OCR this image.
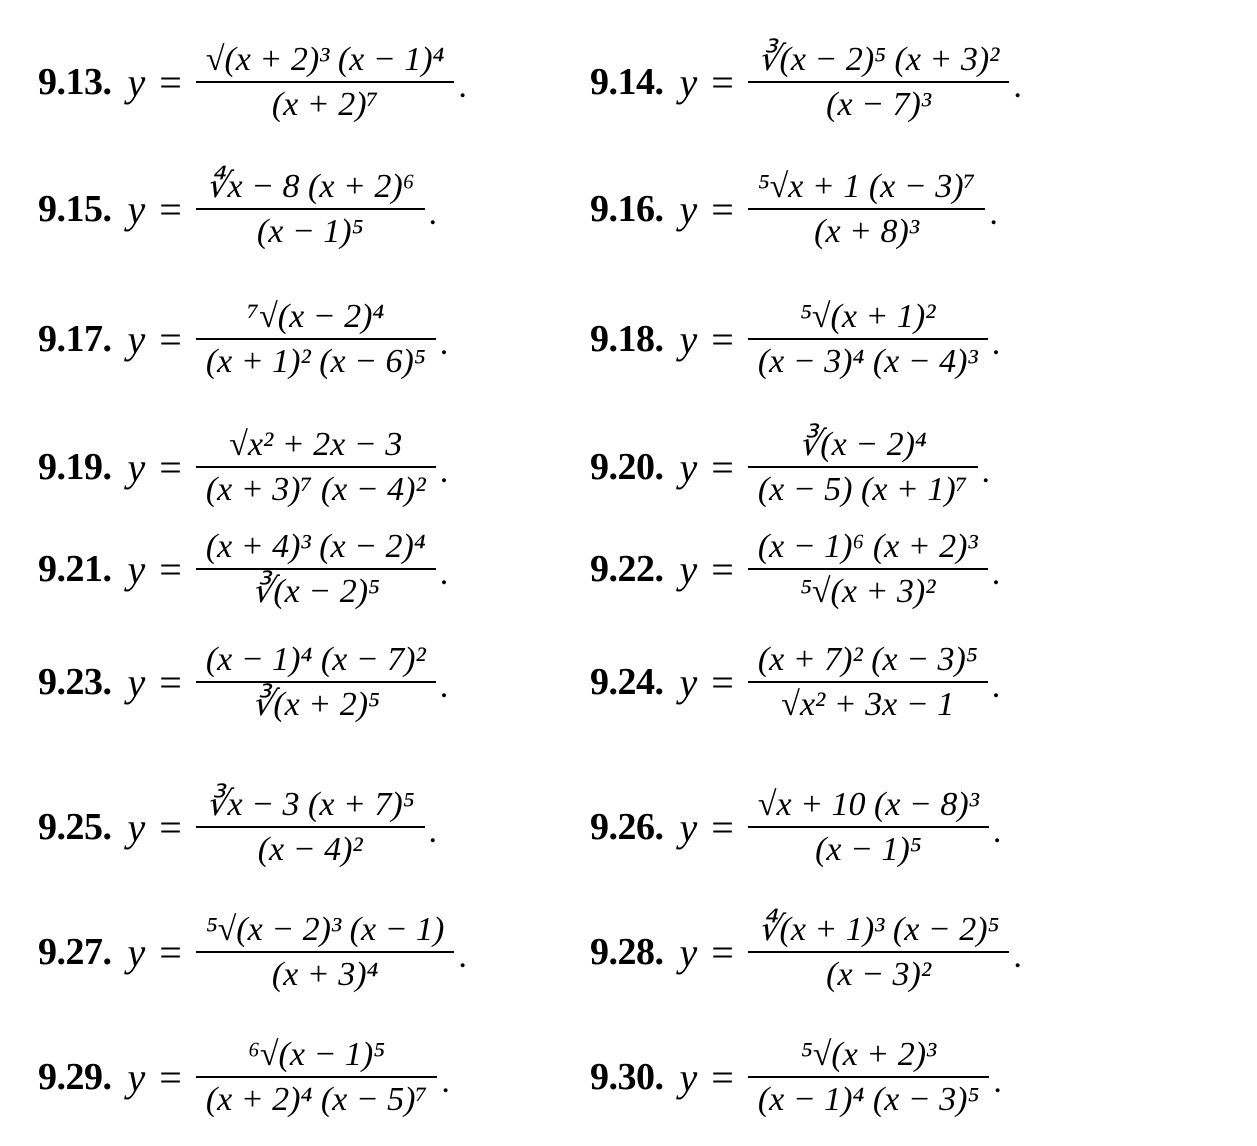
9.13. $y = \frac{\text{√(x + 2)³ (x − 1)⁴}}{\text{(x + 2)⁷}}$ .	9.14. $y = \frac{\text{∛(x − 2)⁵ (x + 3)²}}{\text{(x − 7)³}}$ .
9.15. $y = \frac{\text{∜x − 8 (x + 2)⁶}}{\text{(x − 1)⁵}}$ .	9.16. $y = \frac{\text{⁵√x + 1 (x − 3)⁷}}{\text{(x + 8)³}}$ .
9.17. $y = \frac{\text{⁷√(x − 2)⁴}}{\text{(x + 1)² (x − 6)⁵}}$ .	9.18. $y = \frac{\text{⁵√(x + 1)²}}{\text{(x − 3)⁴ (x − 4)³}}$ .
9.19. $y = \frac{\text{√x² + 2x − 3}}{\text{(x + 3)⁷ (x − 4)²}}$ .	9.20. $y = \frac{\text{∛(x − 2)⁴}}{\text{(x − 5) (x + 1)⁷}}$ .
9.21. $y = \frac{\text{(x + 4)³ (x − 2)⁴}}{\text{∛(x − 2)⁵}}$ .	9.22. $y = \frac{\text{(x − 1)⁶ (x + 2)³}}{\text{⁵√(x + 3)²}}$ .
9.23. $y = \frac{\text{(x − 1)⁴ (x − 7)²}}{\text{∛(x + 2)⁵}}$ .	9.24. $y = \frac{\text{(x + 7)² (x − 3)⁵}}{\text{√x² + 3x − 1}}$ .
9.25. $y = \frac{\text{∛x − 3 (x + 7)⁵}}{\text{(x − 4)²}}$ .	9.26. $y = \frac{\text{√x + 10 (x − 8)³}}{\text{(x − 1)⁵}}$ .
9.27. $y = \frac{\text{⁵√(x − 2)³ (x − 1)}}{\text{(x + 3)⁴}}$ .	9.28. $y = \frac{\text{∜(x + 1)³ (x − 2)⁵}}{\text{(x − 3)²}}$ .
9.29. $y = \frac{\text{⁶√(x − 1)⁵}}{\text{(x + 2)⁴ (x − 5)⁷}}$ .	9.30. $y = \frac{\text{⁵√(x + 2)³}}{\text{(x − 1)⁴ (x − 3)⁵}}$ .
